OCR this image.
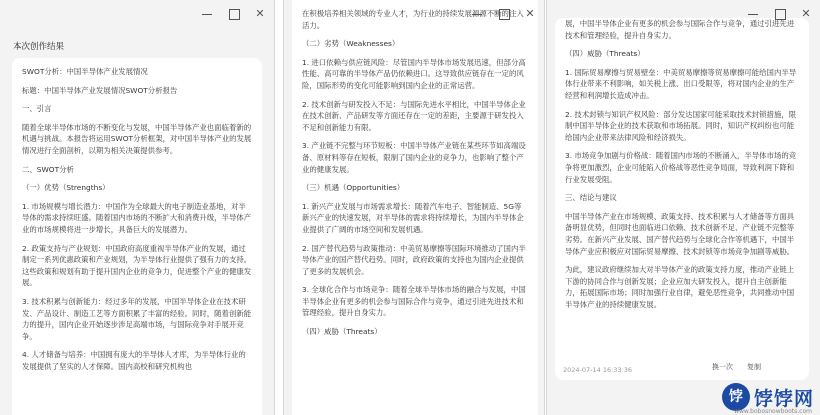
✕
本次创作结果
SWOT分析：中国半导体产业发展情况
标题：中国半导体产业发展情况SWOT分析报告
一、引言
随着全球半导体市场的不断变化与发展，中国半导体产业也面临着新的机遇与挑战。本报告将运用SWOT分析框架，对中国半导体产业的发展情况进行全面剖析，以期为相关决策提供参考。
二、SWOT分析
（一）优势（Strengths）
1. 市场规模与增长潜力：中国作为全球最大的电子制造业基地，对半导体的需求持续旺盛。随着国内市场的不断扩大和消费升级，半导体产业的市场规模将进一步增长，具备巨大的发展潜力。
2. 政策支持与产业规划：中国政府高度重视半导体产业的发展，通过制定一系列优惠政策和产业规划，为半导体行业提供了强有力的支持。这些政策和规划有助于提升国内企业的竞争力，促进整个产业的健康发展。
3. 技术积累与创新能力：经过多年的发展，中国半导体企业在技术研发、产品设计、制造工艺等方面积累了丰富的经验。同时，随着创新能力的提升，国内企业开始逐步涉足高端市场，与国际竞争对手展开竞争。
4. 人才储备与培养：中国拥有庞大的半导体人才库，为半导体行业的发展提供了坚实的人才保障。国内高校和研究机构也
在积极培养相关领域的专业人才，为行业的持续发展源源不断的注入活力。
（二）劣势（Weaknesses）
1. 进口依赖与供应链风险：尽管国内半导体市场发展迅速，但部分高性能、高可靠的半导体产品仍依赖进口。这导致供应链存在一定的风险，国际形势的变化可能影响到国内企业的正常运营。
2. 技术创新与研发投入不足：与国际先进水平相比，中国半导体企业在技术创新、产品研发等方面还存在一定的差距，主要源于研发投入不足和创新能力有限。
3. 产业链不完整与环节短板：中国半导体产业链在某些环节如高端设备、原材料等存在短板，限制了国内企业的竞争力，也影响了整个产业的健康发展。
（三）机遇（Opportunities）
1. 新兴产业发展与市场需求增长：随着汽车电子、智能制造、5G等新兴产业的快速发展，对半导体的需求将持续增长，为国内半导体企业提供了广阔的市场空间和发展机遇。
2. 国产替代趋势与政策推动：中美贸易摩擦等国际环境推动了国内半导体产业的国产替代趋势。同时，政府政策的支持也为国内企业提供了更多的发展机会。
3. 全球化合作与市场竞争：随着全球半导体市场的融合与发展，中国半导体企业有更多的机会参与国际合作与竞争，通过引进先进技术和管理经验，提升自身实力。
（四）威胁（Threats）
✕
展，中国半导体企业有更多的机会参与国际合作与竞争，通过引进先进技术和管理经验，提升自身实力。
（四）威胁（Threats）
1. 国际贸易摩擦与贸易壁垒：中美贸易摩擦等贸易摩擦可能给国内半导体行业带来不利影响，如关税上涨、出口受限等，将对国内企业的生产经营和利润增长造成冲击。
2. 技术封锁与知识产权风险：部分发达国家可能采取技术封锁措施，限制中国半导体企业的技术获取和市场拓展。同时，知识产权纠纷也可能给国内企业带来法律风险和经济损失。
3. 市场竞争加剧与价格战：随着国内市场的不断涌入，半导体市场的竞争将更加激烈，企业可能陷入价格战等恶性竞争局面，导致利润下降和行业发展受阻。
三、结论与建议
中国半导体产业在市场规模、政策支持、技术积累与人才储备等方面具备明显优势，但同时也面临进口依赖、技术创新不足、产业链不完整等劣势。在新兴产业发展、国产替代趋势与全球化合作等机遇下，中国半导体产业应积极应对国际贸易摩擦、技术封锁等市场竞争加剧等威胁。
为此，建议政府继续加大对半导体产业的政策支持力度，推动产业链上下游的协同合作与创新发展；企业应加大研发投入，提升自主创新能力，拓展国际市场；同时加强行业自律，避免恶性竞争，共同推动中国半导体产业的持续健康发展。
2024-07-14 16:33:36	换一次 复制
✕
饽 饽饽网
www.bobosnowboots.com
